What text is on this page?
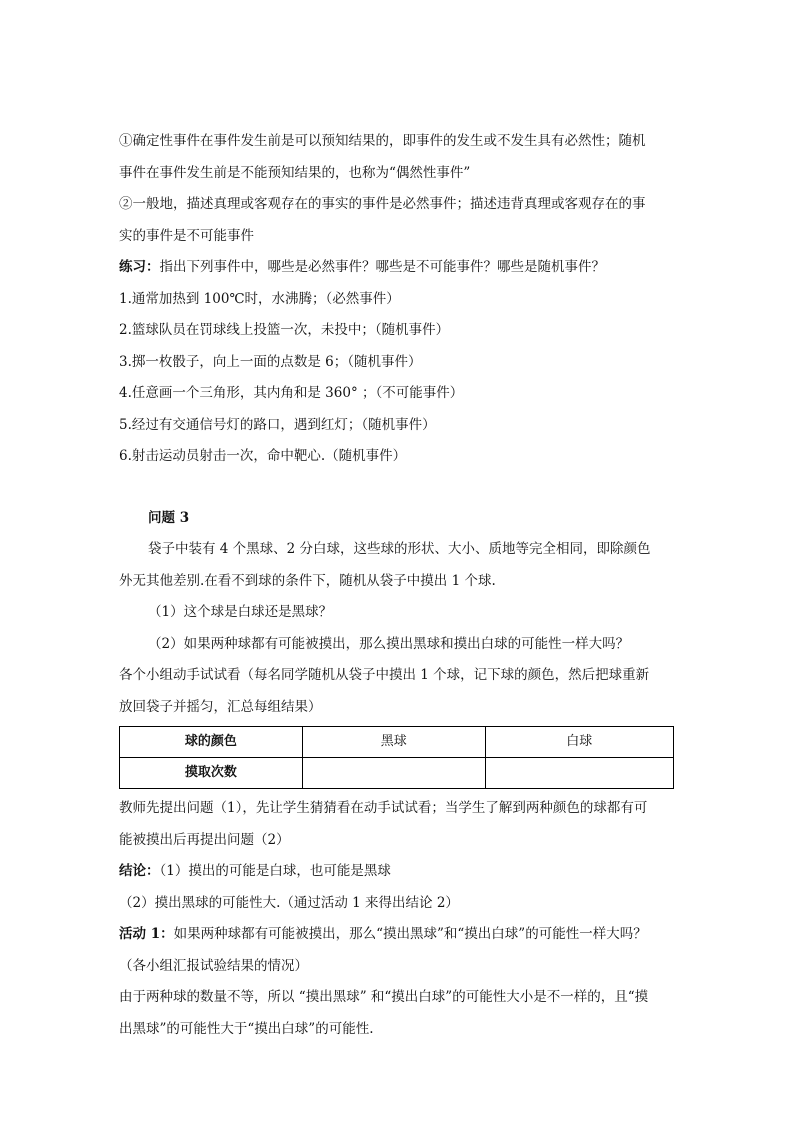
①确定性事件在事件发生前是可以预知结果的，即事件的发生或不发生具有必然性；随机
事件在事件发生前是不能预知结果的，也称为“偶然性事件”
②一般地，描述真理或客观存在的事实的事件是必然事件；描述违背真理或客观存在的事
实的事件是不可能事件
练习：指出下列事件中，哪些是必然事件？哪些是不可能事件？哪些是随机事件？
1.通常加热到 100℃时，水沸腾；（必然事件）
2.篮球队员在罚球线上投篮一次，未投中；（随机事件）
3.掷一枚骰子，向上一面的点数是 6；（随机事件）
4.任意画一个三角形，其内角和是 360° ；（不可能事件）
5.经过有交通信号灯的路口，遇到红灯；（随机事件）
6.射击运动员射击一次，命中靶心.（随机事件）
问题 3
袋子中装有 4 个黑球、2 分白球，这些球的形状、大小、质地等完全相同，即除颜色
外无其他差别.在看不到球的条件下，随机从袋子中摸出 1 个球.
（1）这个球是白球还是黑球？
（2）如果两种球都有可能被摸出，那么摸出黑球和摸出白球的可能性一样大吗？
各个小组动手试试看（每名同学随机从袋子中摸出 1 个球，记下球的颜色，然后把球重新
放回袋子并摇匀，汇总每组结果）
球的颜色	黑球	白球
摸取次数		
教师先提出问题（1），先让学生猜猜看在动手试试看；当学生了解到两种颜色的球都有可
能被摸出后再提出问题（2）
结论：（1）摸出的可能是白球，也可能是黑球
（2）摸出黑球的可能性大.（通过活动 1 来得出结论 2）
活动 1：如果两种球都有可能被摸出，那么“摸出黑球”和“摸出白球”的可能性一样大吗？
（各小组汇报试验结果的情况）
由于两种球的数量不等，所以 “摸出黑球” 和“摸出白球”的可能性大小是不一样的，且“摸
出黑球”的可能性大于“摸出白球”的可能性.
